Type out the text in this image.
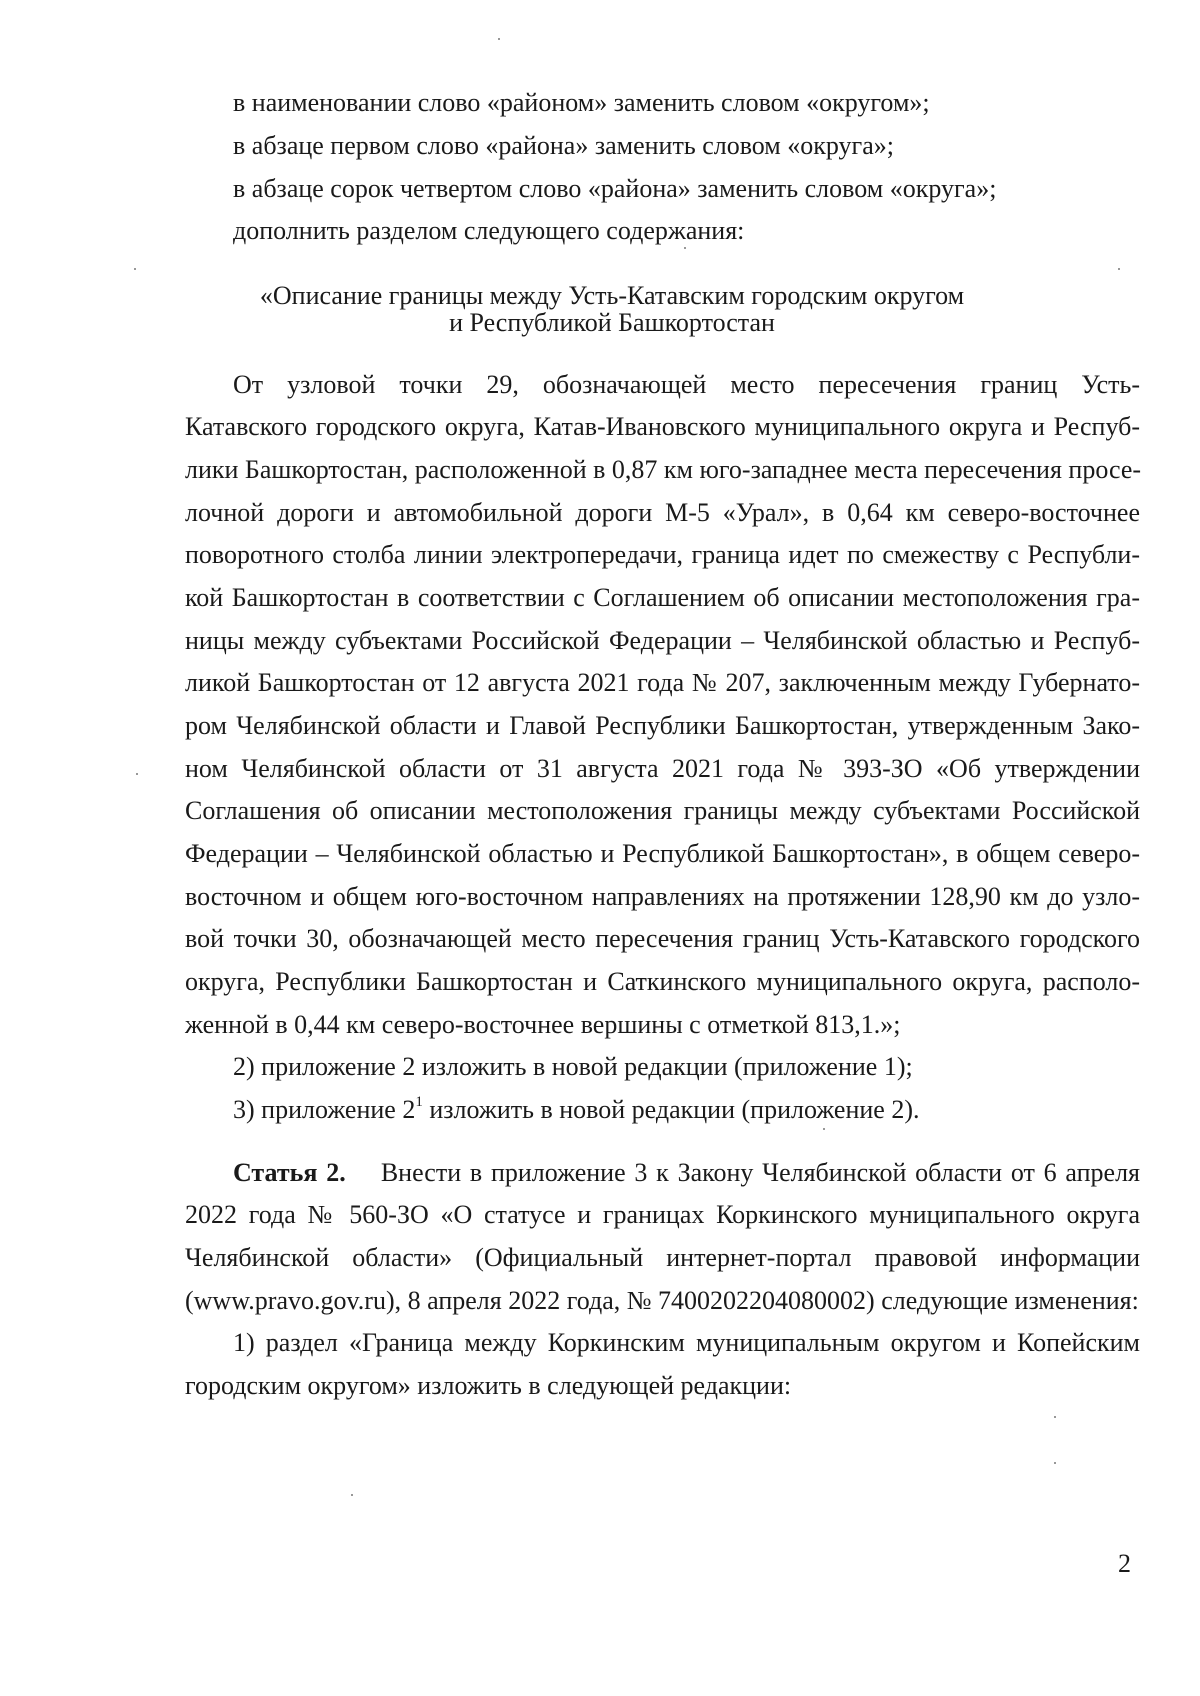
в наименовании слово «районом» заменить словом «округом»;
в абзаце первом слово «района» заменить словом «округа»;
в абзаце сорок четвертом слово «района» заменить словом «округа»;
дополнить разделом следующего содержания:
«Описание границы между Усть-Катавским городским округом
и Республикой Башкортостан
От узловой точки 29, обозначающей место пересечения границ Усть-
Катавского городского округа, Катав-Ивановского муниципального округа и Респуб-
лики Башкортостан, расположенной в 0,87 км юго-западнее места пересечения просе-
лочной дороги и автомобильной дороги М-5 «Урал», в 0,64 км северо-восточнее
поворотного столба линии электропередачи, граница идет по смежеству с Республи-
кой Башкортостан в соответствии с Соглашением об описании местоположения гра-
ницы между субъектами Российской Федерации – Челябинской областью и Респуб-
ликой Башкортостан от 12 августа 2021 года № 207, заключенным между Губернато-
ром Челябинской области и Главой Республики Башкортостан, утвержденным Зако-
ном Челябинской области от 31 августа 2021 года № 393-ЗО «Об утверждении
Соглашения об описании местоположения границы между субъектами Российской
Федерации – Челябинской областью и Республикой Башкортостан», в общем северо-
восточном и общем юго-восточном направлениях на протяжении 128,90 км до узло-
вой точки 30, обозначающей место пересечения границ Усть-Катавского городского
округа, Республики Башкортостан и Саткинского муниципального округа, располо-
женной в 0,44 км северо-восточнее вершины с отметкой 813,1.»;
2) приложение 2 изложить в новой редакции (приложение 1);
3) приложение $2^1$ изложить в новой редакции (приложение 2).
Статья 2. Внести в приложение 3 к Закону Челябинской области от 6 апреля
2022 года № 560-ЗО «О статусе и границах Коркинского муниципального округа
Челябинской области» (Официальный интернет-портал правовой информации
(www.pravo.gov.ru), 8 апреля 2022 года, № 7400202204080002) следующие изменения:
1) раздел «Граница между Коркинским муниципальным округом и Копейским
городским округом» изложить в следующей редакции:
2
